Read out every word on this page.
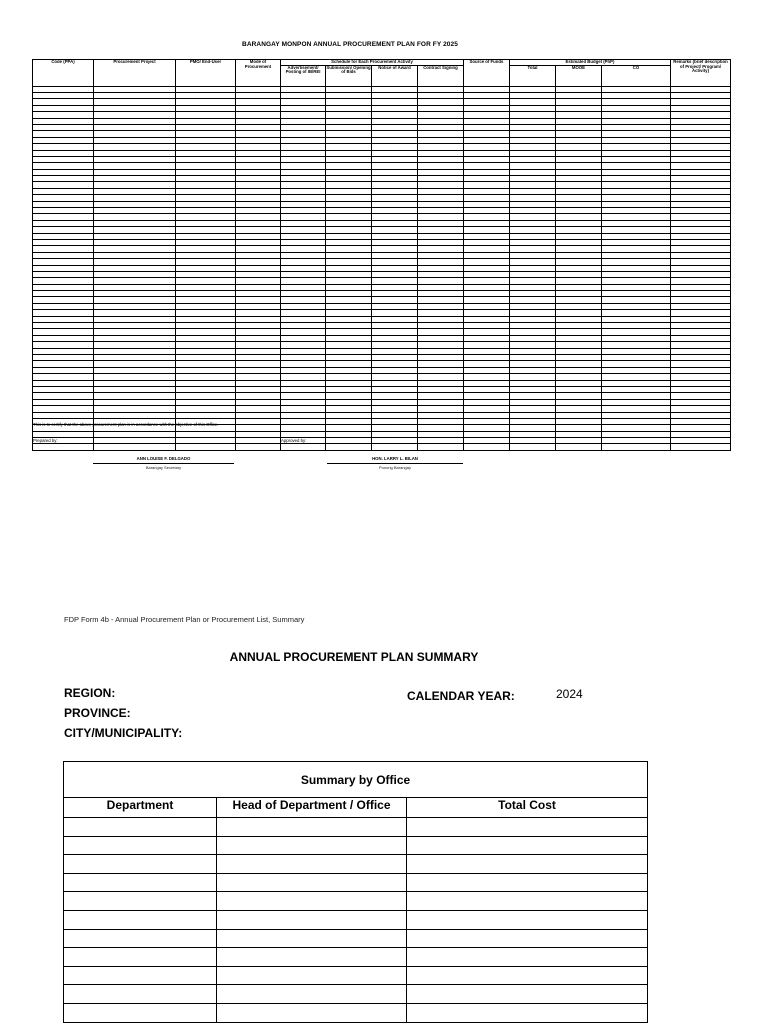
BARANGAY MONPON ANNUAL PROCUREMENT PLAN FOR FY 2025
Code (PPA)	Procurement Project	PMO/ End-User	Mode of Procurement	Schedule for Each Procurement Activity				Source of Funds	Estimated Budget (PhP)			Remarks (brief description of Project/ Program/ Activity)
				Advertisement/ Posting of IB/REI	Submission/ Opening of Bids	Notice of Award	Contract Signing		Total	MOOE	CO	

This is to certify that the above procurement plan is in accordance with the objective of this Office.
Prepared by:	Approved by:
ANN LOUISE F. DELGADO
Barangay Secretary
HON. LARRY L. BILAN
Punong Barangay
FDP Form 4b - Annual Procurement Plan or Procurement List, Summary
ANNUAL PROCUREMENT PLAN SUMMARY
REGION:
PROVINCE:
CITY/MUNICIPALITY:
CALENDAR YEAR:	2024
Summary by Office		
Department	Head of Department / Office	Total Cost
